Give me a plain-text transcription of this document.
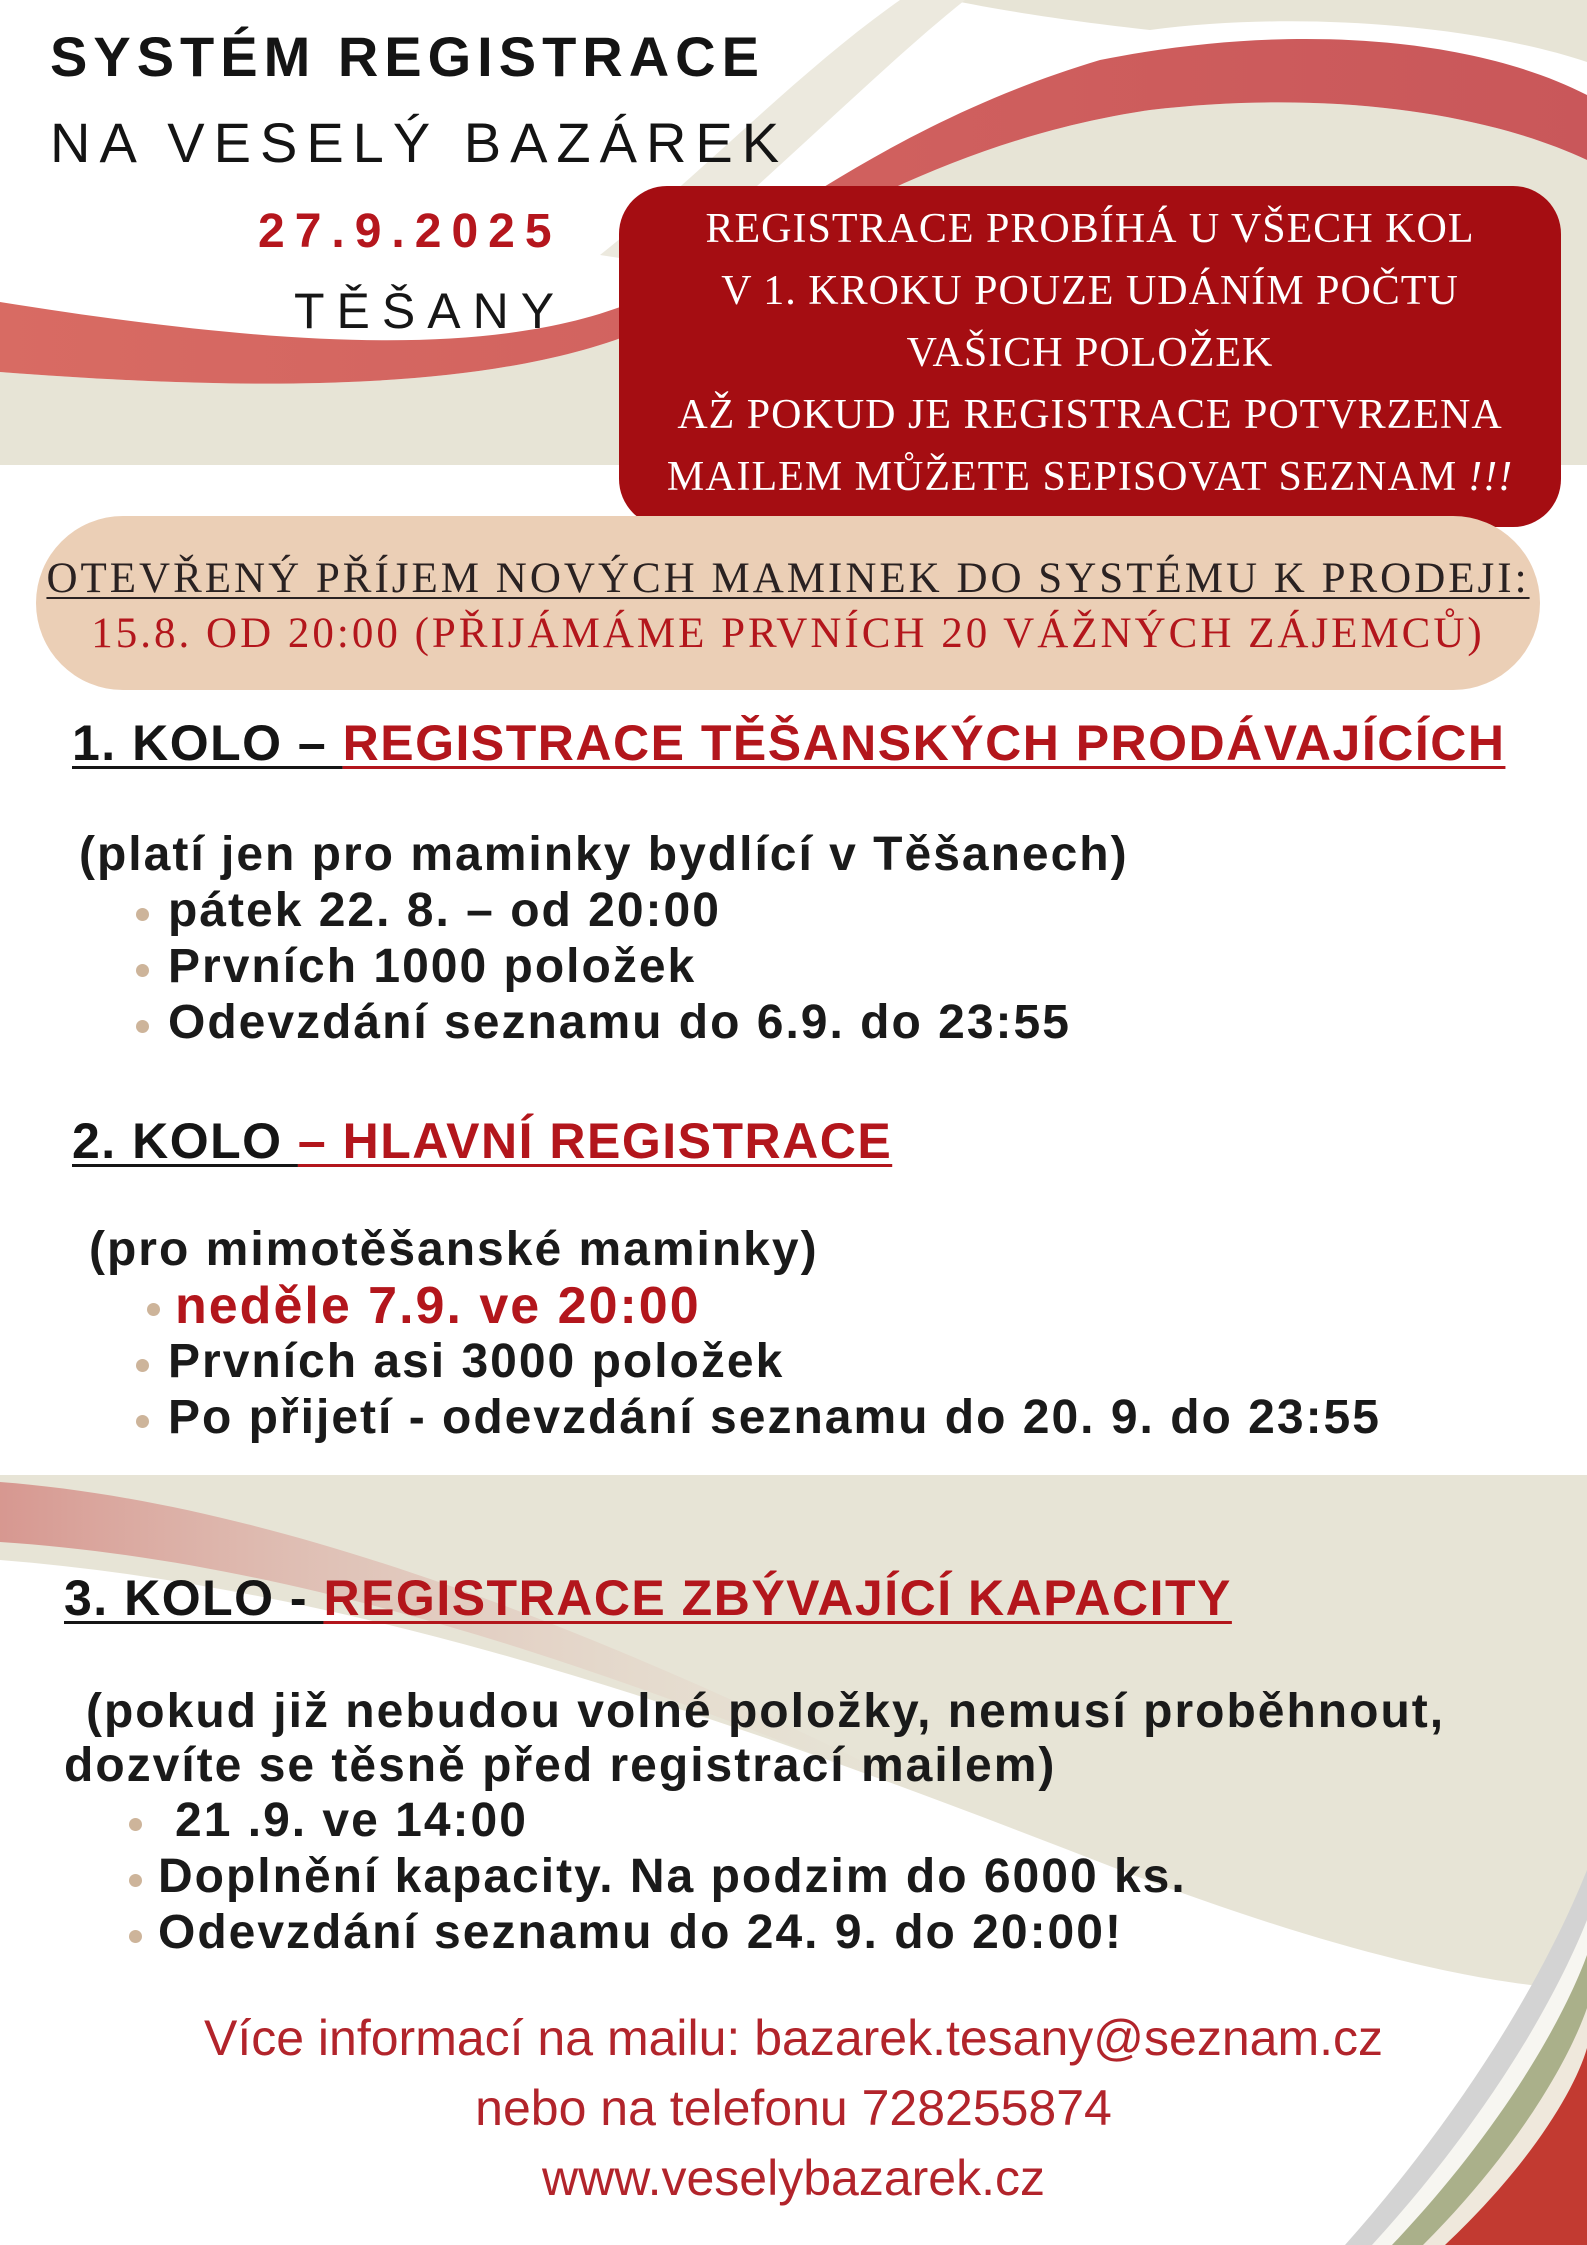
SYSTÉM REGISTRACE
NA VESELÝ BAZÁREK
27.9.2025
TĚŠANY
REGISTRACE PROBÍHÁ U VŠECH KOL
V 1. KROKU POUZE UDÁNÍM POČTU
VAŠICH POLOŽEK
AŽ POKUD JE REGISTRACE POTVRZENA
MAILEM MŮŽETE SEPISOVAT SEZNAM !!!
OTEVŘENÝ PŘÍJEM NOVÝCH MAMINEK DO SYSTÉMU K PRODEJI:
15.8. OD 20:00 (PŘIJÁMÁME PRVNÍCH 20 VÁŽNÝCH ZÁJEMCŮ)
1. KOLO – REGISTRACE TĚŠANSKÝCH PRODÁVAJÍCÍCH
(platí jen pro maminky bydlící v Těšanech)
pátek 22. 8. – od 20:00
Prvních 1000 položek
Odevzdání seznamu do 6.9. do 23:55
2. KOLO – HLAVNÍ REGISTRACE
(pro mimotěšanské maminky)
neděle 7.9. ve 20:00
Prvních asi 3000 položek
Po přijetí - odevzdání seznamu do 20. 9. do 23:55
3. KOLO - REGISTRACE ZBÝVAJÍCÍ KAPACITY
(pokud již nebudou volné položky, nemusí proběhnout,
dozvíte se těsně před registrací mailem)
21 .9. ve 14:00
Doplnění kapacity. Na podzim do 6000 ks.
Odevzdání seznamu do 24. 9. do 20:00!
Více informací na mailu: bazarek.tesany@seznam.cz
nebo na telefonu 728255874
www.veselybazarek.cz
